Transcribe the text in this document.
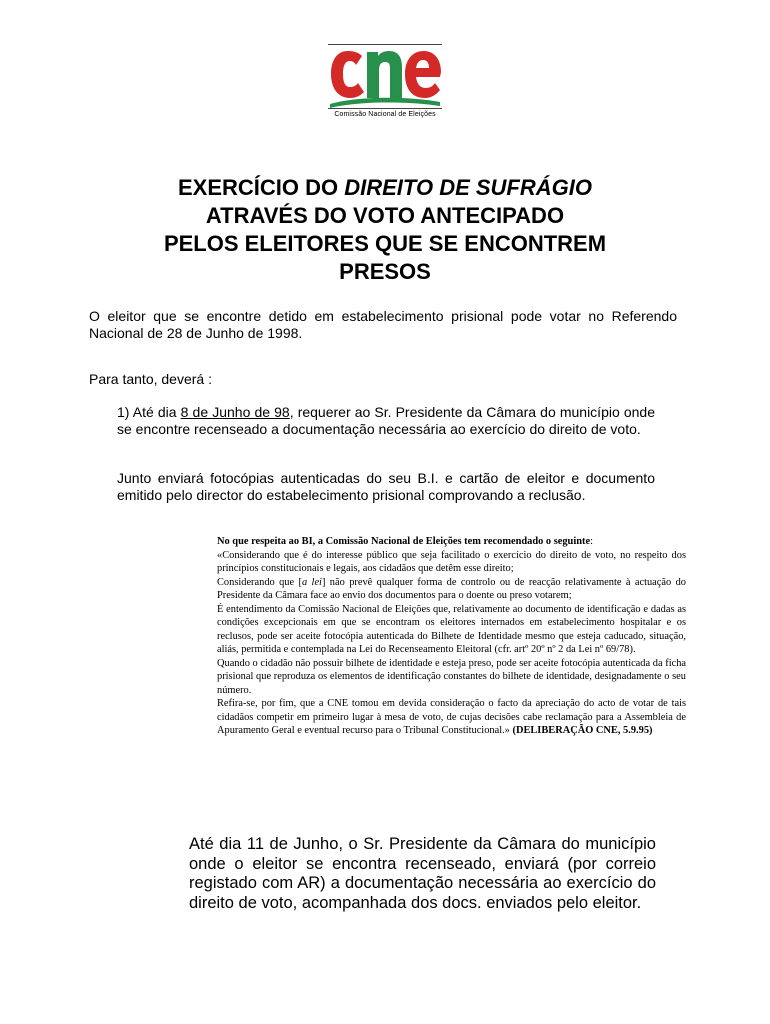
Comissão Nacional de Eleições
EXERCÍCIO DO DIREITO DE SUFRÁGIO
ATRAVÉS DO VOTO ANTECIPADO
PELOS ELEITORES QUE SE ENCONTREM
PRESOS

O eleitor que se encontre detido em estabelecimento prisional pode votar no Referendo Nacional de 28 de Junho de 1998.

Para tanto, deverá :

1) Até dia 8 de Junho de 98, requerer ao Sr. Presidente da Câmara do município onde se encontre recenseado a documentação necessária ao exercício do direito de voto.

Junto enviará fotocópias autenticadas do seu B.I. e cartão de eleitor e documento emitido pelo director do estabelecimento prisional comprovando a reclusão.

No que respeita ao BI, a Comissão Nacional de Eleições tem recomendado o seguinte:

«Considerando que é do interesse público que seja facilitado o exercício do direito de voto, no respeito dos princípios constitucionais e legais, aos cidadãos que detêm esse direito;

Considerando que [a lei] não prevê qualquer forma de controlo ou de reacção relativamente à actuação do Presidente da Câmara face ao envio dos documentos para o doente ou preso votarem;

É entendimento da Comissão Nacional de Eleições que, relativamente ao documento de identificação e dadas as condições excepcionais em que se encontram os eleitores internados em estabelecimento hospitalar e os reclusos, pode ser aceite fotocópia autenticada do Bilhete de Identidade mesmo que esteja caducado, situação, aliás, permitida e contemplada na Lei do Recenseamento Eleitoral (cfr. artº 20º nº 2 da Lei nº 69/78).

Quando o cidadão não possuir bilhete de identidade e esteja preso, pode ser aceite fotocópia autenticada da ficha prisional que reproduza os elementos de identificação constantes do bilhete de identidade, designadamente o seu número.

Refira-se, por fim, que a CNE tomou em devida consideração o facto da apreciação do acto de votar de tais cidadãos competir em primeiro lugar à mesa de voto, de cujas decisões cabe reclamação para a Assembleia de Apuramento Geral e eventual recurso para o Tribunal Constitucional.» (DELIBERAÇÃO CNE, 5.9.95)

Até dia 11 de Junho, o Sr. Presidente da Câmara do município onde o eleitor se encontra recenseado, enviará (por correio registado com AR) a documentação necessária ao exercício do direito de voto, acompanhada dos docs. enviados pelo eleitor.
